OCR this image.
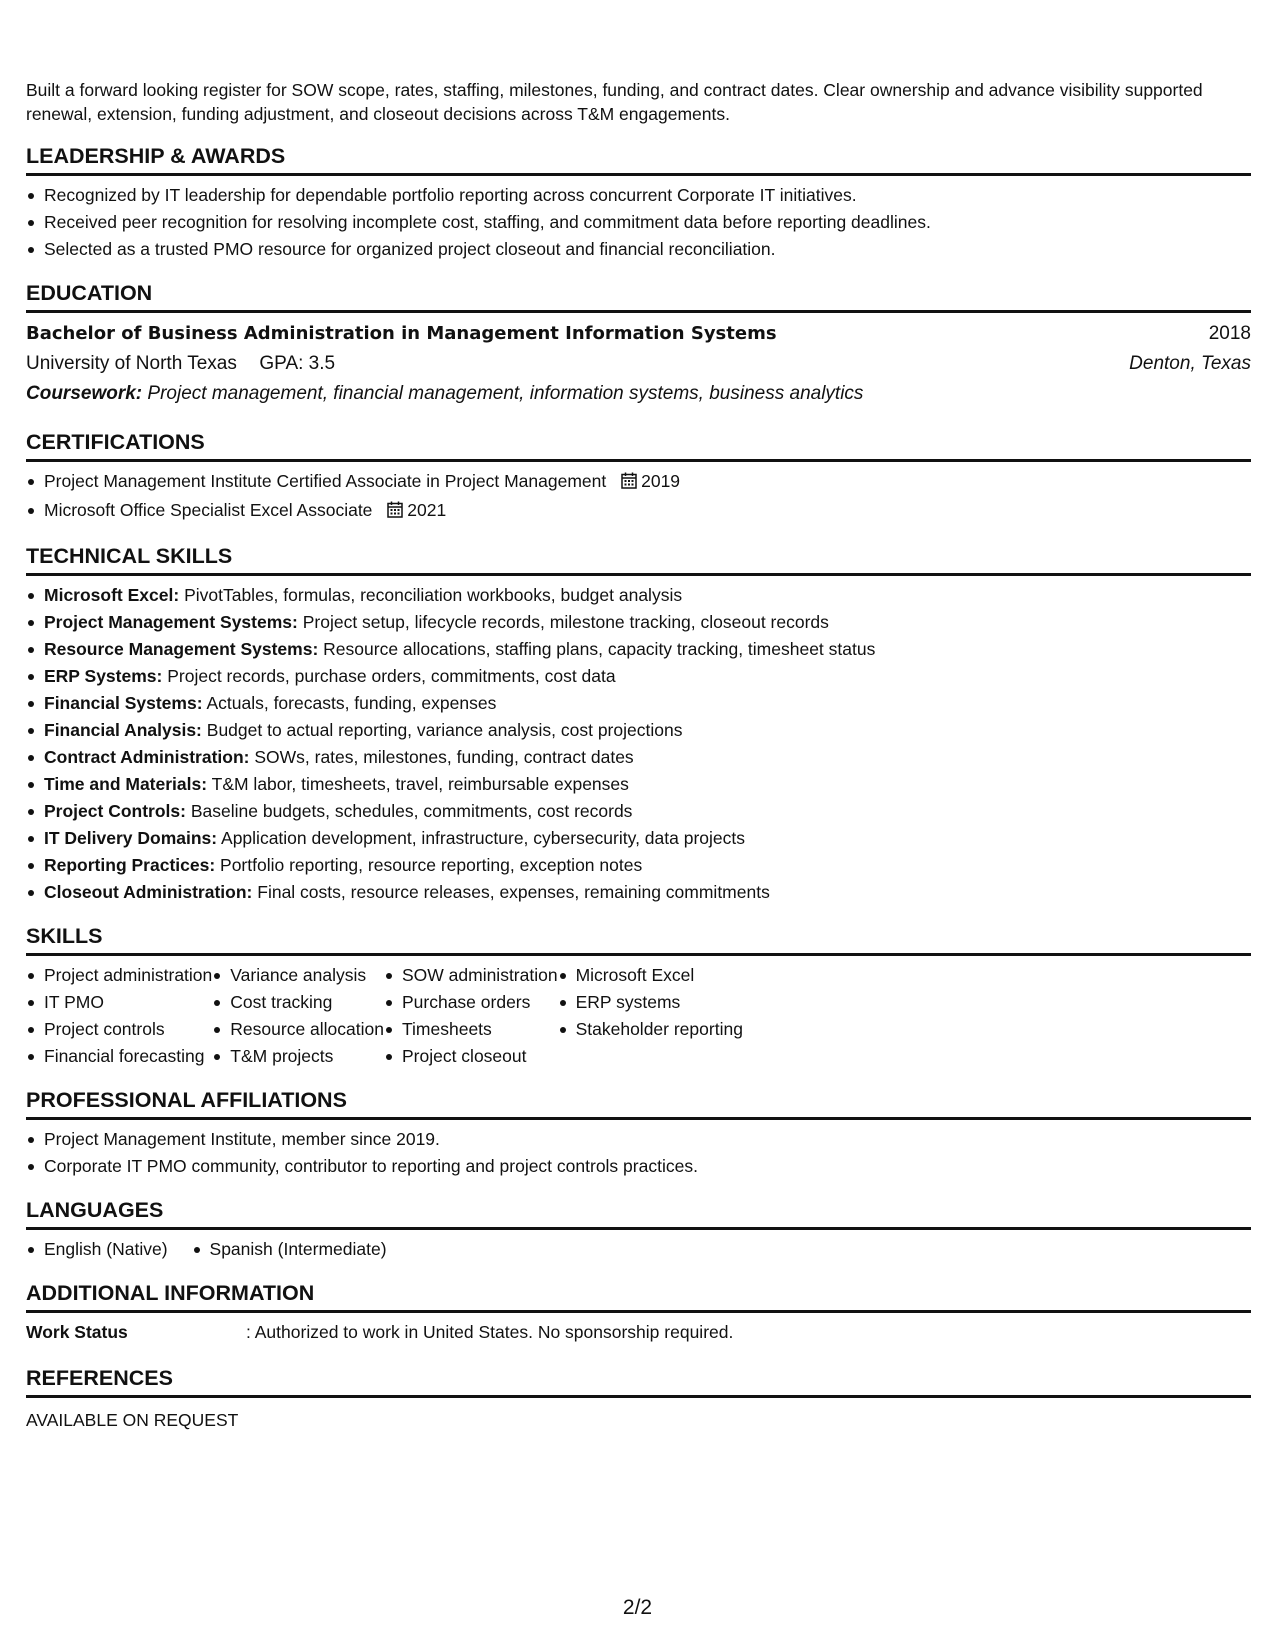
Built a forward looking register for SOW scope, rates, staffing, milestones, funding, and contract dates. Clear ownership and advance visibility supported renewal, extension, funding adjustment, and closeout decisions across T&M engagements.

LEADERSHIP & AWARDS
Recognized by IT leadership for dependable portfolio reporting across concurrent Corporate IT initiatives.
Received peer recognition for resolving incomplete cost, staffing, and commitment data before reporting deadlines.
Selected as a trusted PMO resource for organized project closeout and financial reconciliation.
EDUCATION
Bachelor of Business Administration in Management Information Systems	2018
University of North Texas GPA: 3.5	Denton, Texas
Coursework: Project management, financial management, information systems, business analytics
CERTIFICATIONS
Project Management Institute Certified Associate in Project Management 2019
Microsoft Office Specialist Excel Associate 2021
TECHNICAL SKILLS
Microsoft Excel: PivotTables, formulas, reconciliation workbooks, budget analysis
Project Management Systems: Project setup, lifecycle records, milestone tracking, closeout records
Resource Management Systems: Resource allocations, staffing plans, capacity tracking, timesheet status
ERP Systems: Project records, purchase orders, commitments, cost data
Financial Systems: Actuals, forecasts, funding, expenses
Financial Analysis: Budget to actual reporting, variance analysis, cost projections
Contract Administration: SOWs, rates, milestones, funding, contract dates
Time and Materials: T&M labor, timesheets, travel, reimbursable expenses
Project Controls: Baseline budgets, schedules, commitments, cost records
IT Delivery Domains: Application development, infrastructure, cybersecurity, data projects
Reporting Practices: Portfolio reporting, resource reporting, exception notes
Closeout Administration: Final costs, resource releases, expenses, remaining commitments
SKILLS
Project administration
IT PMO
Project controls
Financial forecasting
Variance analysis
Cost tracking
Resource allocation
T&M projects
SOW administration
Purchase orders
Timesheets
Project closeout
Microsoft Excel
ERP systems
Stakeholder reporting
PROFESSIONAL AFFILIATIONS
Project Management Institute, member since 2019.
Corporate IT PMO community, contributor to reporting and project controls practices.
LANGUAGES
English (Native)	Spanish (Intermediate)
ADDITIONAL INFORMATION
Work Status	: Authorized to work in United States. No sponsorship required.
REFERENCES

AVAILABLE ON REQUEST

2/2
